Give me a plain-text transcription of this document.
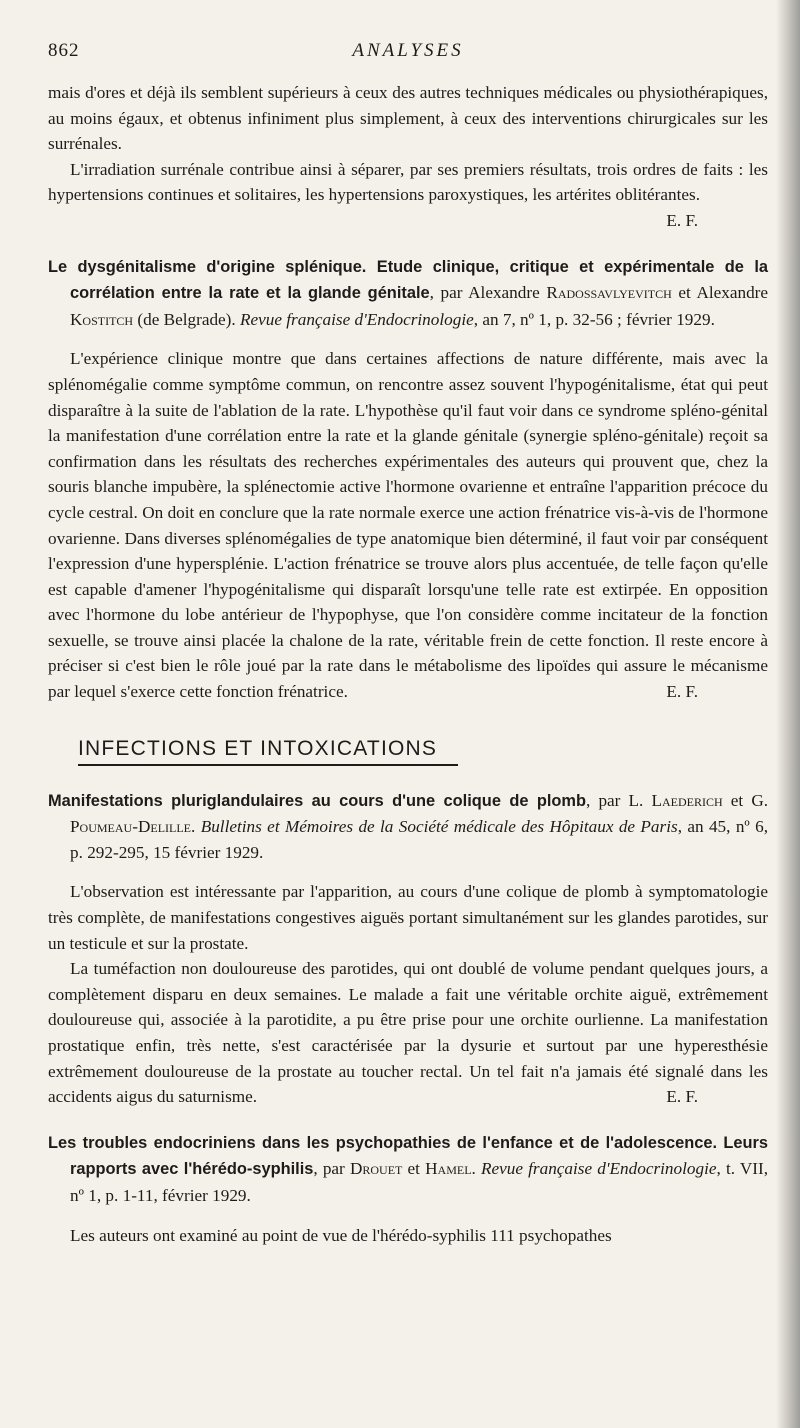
862	ANALYSES

mais d'ores et déjà ils semblent supérieurs à ceux des autres techniques médicales ou physiothérapiques, au moins égaux, et obtenus infiniment plus simplement, à ceux des interventions chirurgicales sur les surrénales.

L'irradiation surrénale contribue ainsi à séparer, par ses premiers résultats, trois ordres de faits : les hypertensions continues et solitaires, les hypertensions paroxystiques, les artérites oblitérantes.
E. F.

Le dysgénitalisme d'origine splénique. Etude clinique, critique et expérimentale de la corrélation entre la rate et la glande génitale, par Alexandre Radossavlyevitch et Alexandre Kostitch (de Belgrade). Revue française d'Endocrinologie, an 7, nº 1, p. 32-56 ; février 1929.

L'expérience clinique montre que dans certaines affections de nature différente, mais avec la splénomégalie comme symptôme commun, on rencontre assez souvent l'hypogénitalisme, état qui peut disparaître à la suite de l'ablation de la rate. L'hypothèse qu'il faut voir dans ce syndrome spléno-génital la manifestation d'une corrélation entre la rate et la glande génitale (synergie spléno-génitale) reçoit sa confirmation dans les résultats des recherches expérimentales des auteurs qui prouvent que, chez la souris blanche impubère, la splénectomie active l'hormone ovarienne et entraîne l'apparition précoce du cycle cestral. On doit en conclure que la rate normale exerce une action frénatrice vis-à-vis de l'hormone ovarienne. Dans diverses splénomégalies de type anatomique bien déterminé, il faut voir par conséquent l'expression d'une hypersplénie. L'action frénatrice se trouve alors plus accentuée, de telle façon qu'elle est capable d'amener l'hypogénitalisme qui disparaît lorsqu'une telle rate est extirpée. En opposition avec l'hormone du lobe antérieur de l'hypophyse, que l'on considère comme incitateur de la fonction sexuelle, se trouve ainsi placée la chalone de la rate, véritable frein de cette fonction. Il reste encore à préciser si c'est bien le rôle joué par la rate dans le métabolisme des lipoïdes qui assure le mécanisme par lequel s'exerce cette fonction frénatrice.	E. F.

INFECTIONS ET INTOXICATIONS
Manifestations pluriglandulaires au cours d'une colique de plomb, par L. Laederich et G. Poumeau-Delille. Bulletins et Mémoires de la Société médicale des Hôpitaux de Paris, an 45, nº 6, p. 292-295, 15 février 1929.

L'observation est intéressante par l'apparition, au cours d'une colique de plomb à symptomatologie très complète, de manifestations congestives aiguës portant simultanément sur les glandes parotides, sur un testicule et sur la prostate.

La tuméfaction non douloureuse des parotides, qui ont doublé de volume pendant quelques jours, a complètement disparu en deux semaines. Le malade a fait une véritable orchite aiguë, extrêmement douloureuse qui, associée à la parotidite, a pu être prise pour une orchite ourlienne. La manifestation prostatique enfin, très nette, s'est caractérisée par la dysurie et surtout par une hyperesthésie extrêmement douloureuse de la prostate au toucher rectal. Un tel fait n'a jamais été signalé dans les accidents aigus du saturnisme.	E. F.

Les troubles endocriniens dans les psychopathies de l'enfance et de l'adolescence. Leurs rapports avec l'hérédo-syphilis, par Drouet et Hamel. Revue française d'Endocrinologie, t. VII, nº 1, p. 1-11, février 1929.

Les auteurs ont examiné au point de vue de l'hérédo-syphilis 111 psychopathes
